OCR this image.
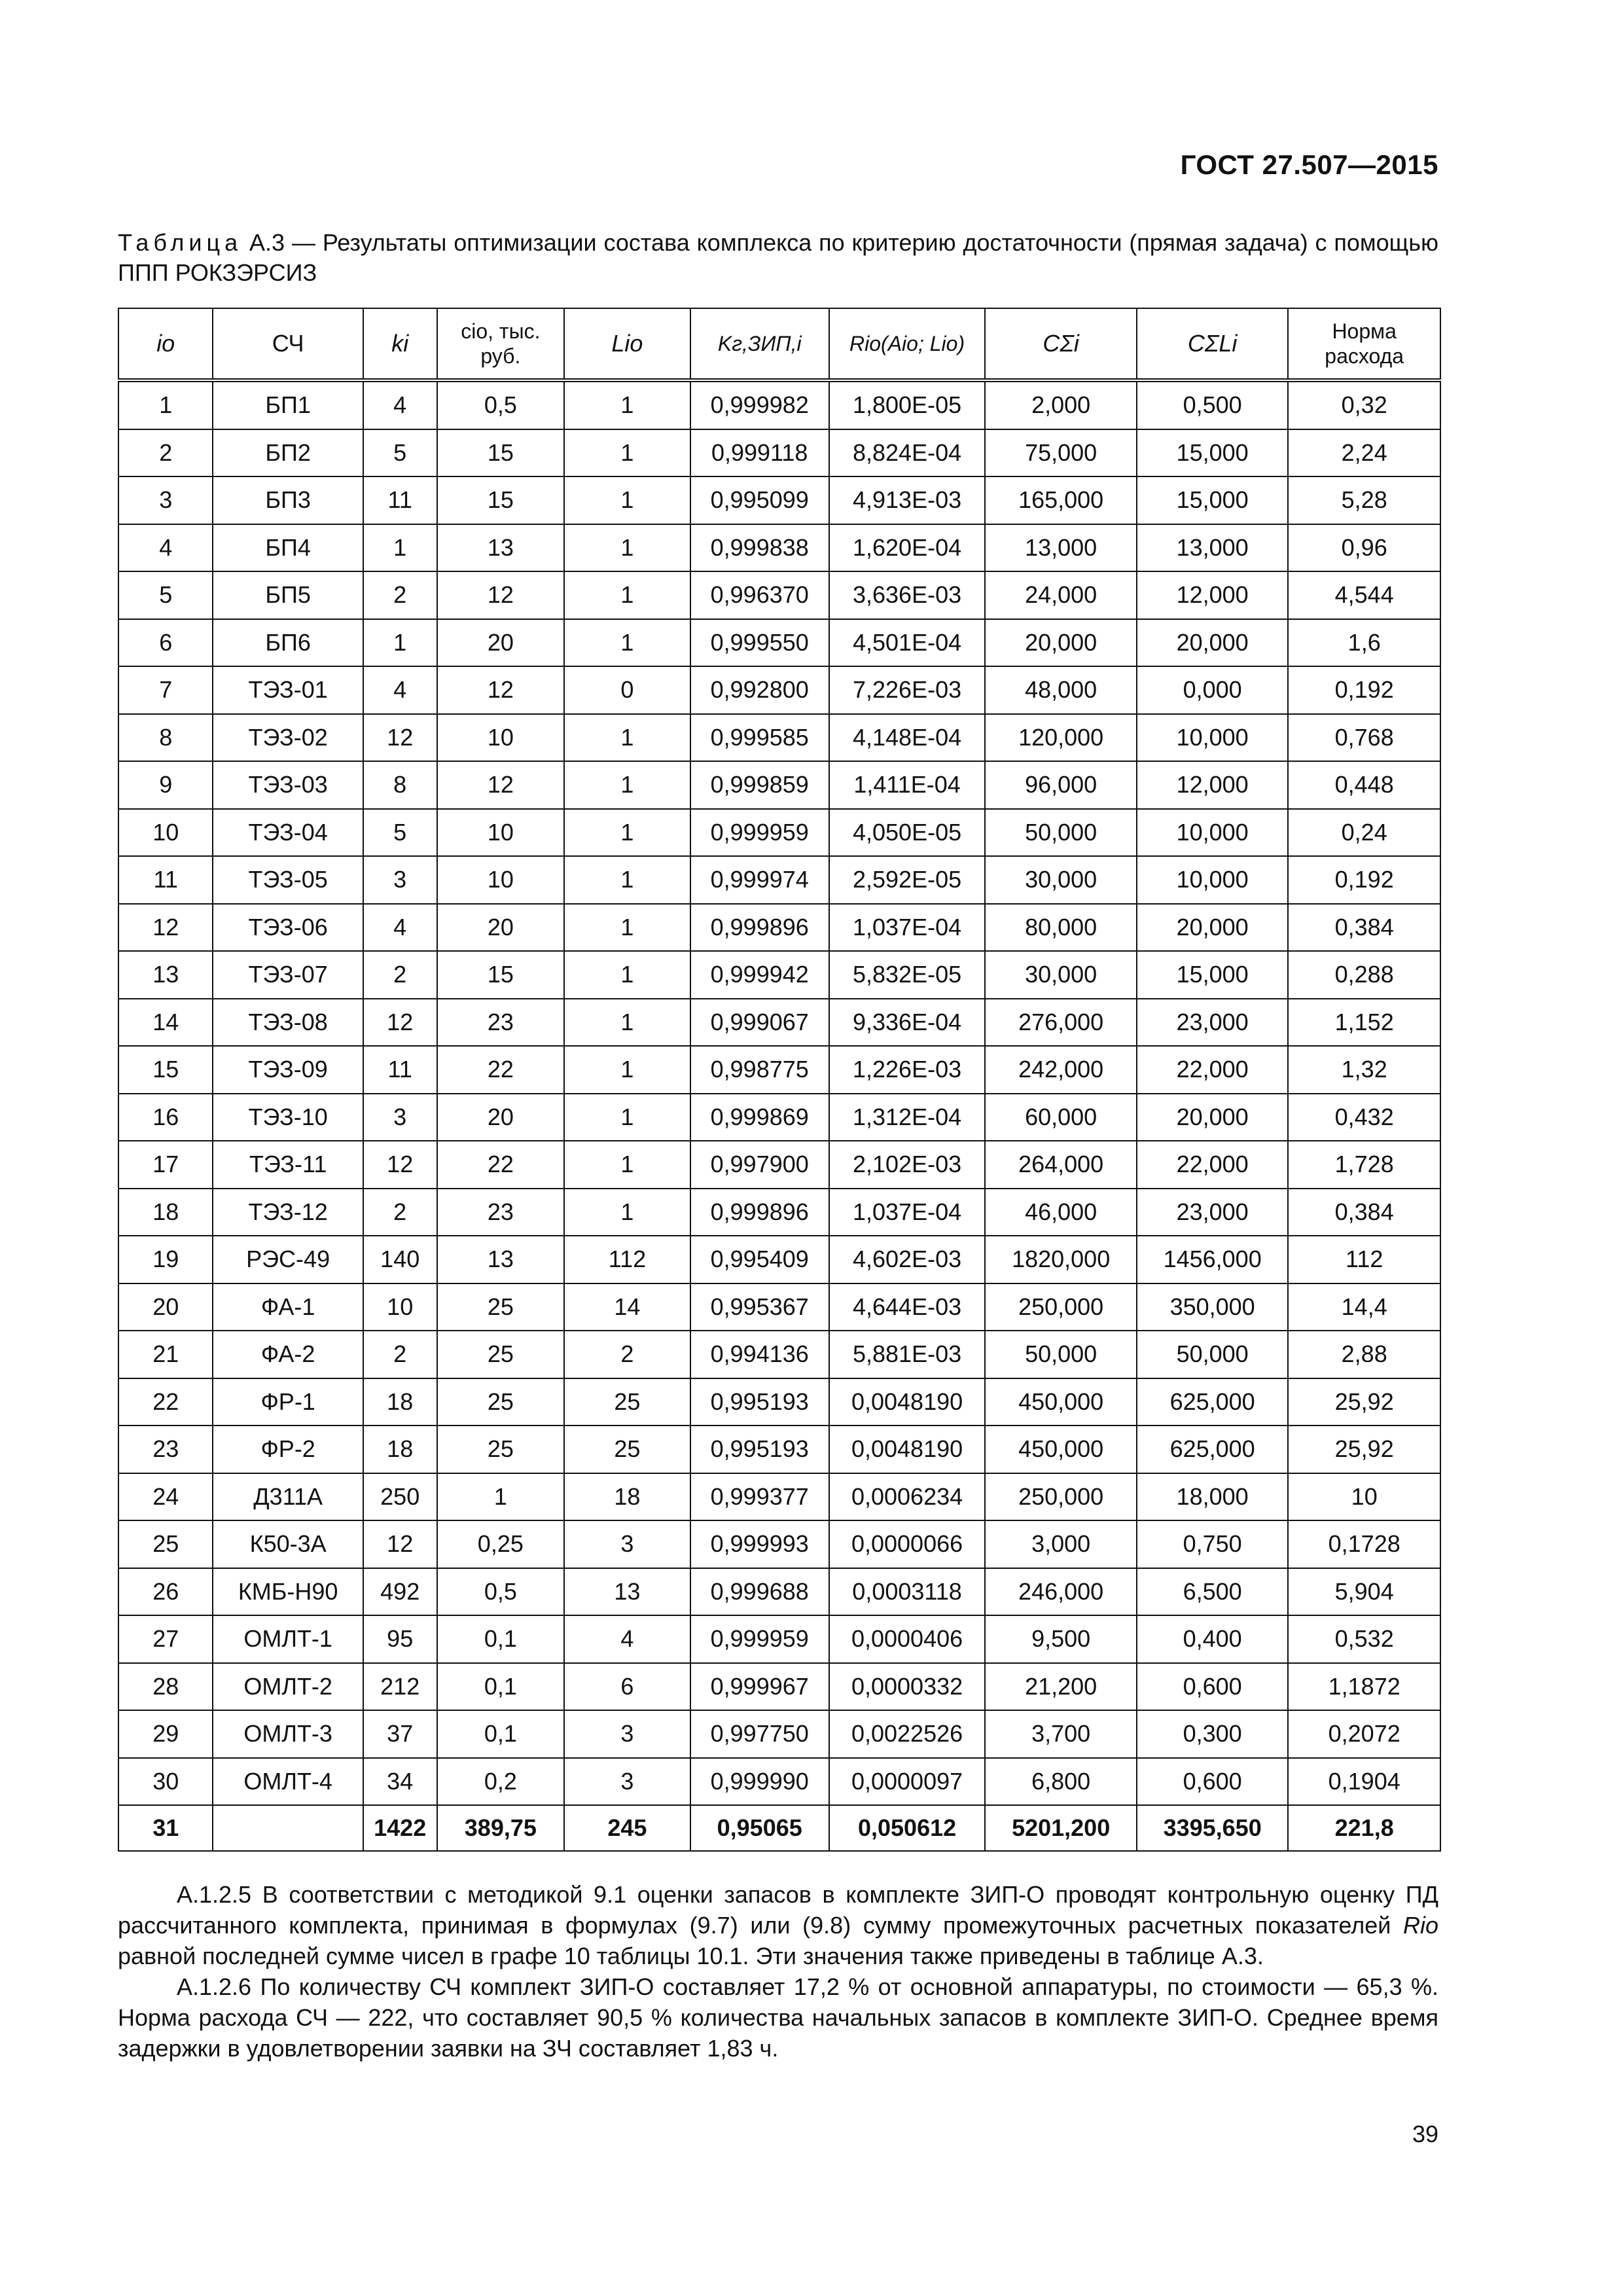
ГОСТ 27.507—2015
Таблица А.3 — Результаты оптимизации состава комплекса по критерию достаточности (прямая задача) с помощью ППП РОКЗЭРСИЗ
iо	СЧ	ki	cio, тыс. руб.	Lio	Kг,ЗИП,i	Rio(Aio; Lio)	CΣi	CΣLi	Норма расхода
1	БП1	4	0,5	1	0,999982	1,800E-05	2,000	0,500	0,32
2	БП2	5	15	1	0,999118	8,824E-04	75,000	15,000	2,24
3	БП3	11	15	1	0,995099	4,913E-03	165,000	15,000	5,28
4	БП4	1	13	1	0,999838	1,620E-04	13,000	13,000	0,96
5	БП5	2	12	1	0,996370	3,636E-03	24,000	12,000	4,544
6	БП6	1	20	1	0,999550	4,501E-04	20,000	20,000	1,6
7	ТЭЗ-01	4	12	0	0,992800	7,226E-03	48,000	0,000	0,192
8	ТЭЗ-02	12	10	1	0,999585	4,148E-04	120,000	10,000	0,768
9	ТЭЗ-03	8	12	1	0,999859	1,411E-04	96,000	12,000	0,448
10	ТЭЗ-04	5	10	1	0,999959	4,050E-05	50,000	10,000	0,24
11	ТЭЗ-05	3	10	1	0,999974	2,592E-05	30,000	10,000	0,192
12	ТЭЗ-06	4	20	1	0,999896	1,037E-04	80,000	20,000	0,384
13	ТЭЗ-07	2	15	1	0,999942	5,832E-05	30,000	15,000	0,288
14	ТЭЗ-08	12	23	1	0,999067	9,336E-04	276,000	23,000	1,152
15	ТЭЗ-09	11	22	1	0,998775	1,226E-03	242,000	22,000	1,32
16	ТЭЗ-10	3	20	1	0,999869	1,312E-04	60,000	20,000	0,432
17	ТЭЗ-11	12	22	1	0,997900	2,102E-03	264,000	22,000	1,728
18	ТЭЗ-12	2	23	1	0,999896	1,037E-04	46,000	23,000	0,384
19	РЭС-49	140	13	112	0,995409	4,602E-03	1820,000	1456,000	112
20	ФА-1	10	25	14	0,995367	4,644E-03	250,000	350,000	14,4
21	ФА-2	2	25	2	0,994136	5,881E-03	50,000	50,000	2,88
22	ФР-1	18	25	25	0,995193	0,0048190	450,000	625,000	25,92
23	ФР-2	18	25	25	0,995193	0,0048190	450,000	625,000	25,92
24	Д311А	250	1	18	0,999377	0,0006234	250,000	18,000	10
25	К50-3А	12	0,25	3	0,999993	0,0000066	3,000	0,750	0,1728
26	КМБ-Н90	492	0,5	13	0,999688	0,0003118	246,000	6,500	5,904
27	ОМЛТ-1	95	0,1	4	0,999959	0,0000406	9,500	0,400	0,532
28	ОМЛТ-2	212	0,1	6	0,999967	0,0000332	21,200	0,600	1,1872
29	ОМЛТ-3	37	0,1	3	0,997750	0,0022526	3,700	0,300	0,2072
30	ОМЛТ-4	34	0,2	3	0,999990	0,0000097	6,800	0,600	0,1904
31		1422	389,75	245	0,95065	0,050612	5201,200	3395,650	221,8

А.1.2.5 В соответствии с методикой 9.1 оценки запасов в комплекте ЗИП-О проводят контрольную оценку ПД рассчитанного комплекта, принимая в формулах (9.7) или (9.8) сумму промежуточных расчетных показателей Rio равной последней сумме чисел в графе 10 таблицы 10.1. Эти значения также приведены в таблице А.3.

А.1.2.6 По количеству СЧ комплект ЗИП-О составляет 17,2 % от основной аппаратуры, по стоимости — 65,3 %. Норма расхода СЧ — 222, что составляет 90,5 % количества начальных запасов в комплекте ЗИП-О. Среднее время задержки в удовлетворении заявки на ЗЧ составляет 1,83 ч.

39
